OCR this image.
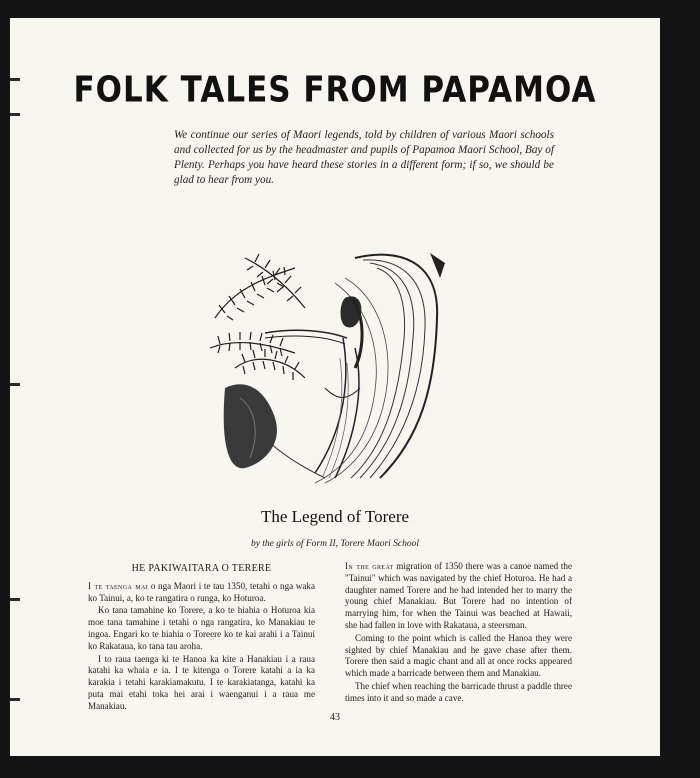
FOLK TALES FROM PAPAMOA
We continue our series of Maori legends, told by children of various Maori schools and collected for us by the headmaster and pupils of Papamoa Maori School, Bay of Plenty. Perhaps you have heard these stories in a different form; if so, we should be glad to hear from you.
The Legend of Torere
by the girls of Form II, Torere Maori School
HE PAKIWAITARA O TERERE

I te taenga mai o nga Maori i te tau 1350, tetahi o nga waka ko Tainui, a, ko te rangatira o runga, ko Hoturoa.

Ko tana tamahine ko Torere, a ko te hiahia o Hoturoa kia moe tana tamahine i tetahi o nga rangatira, ko Manakiau te ingoa. Engari ko te hiahia o Toreere ko te kai arahi i a Tainui ko Rakataua, ko tana tau aroha.

I to raua taenga ki te Hanoa ka kite a Hanakiau i a raua katahi ka whaia e ia. I te kitenga o Torere katahi a ia ka karakia i tetahi karakiamakutu. I te karakiatanga, katahi ka puta mai etahi toka hei arai i waenganui i a raua me Manakiau.

In the great migration of 1350 there was a canoe named the "Tainui" which was navigated by the chief Hoturoa. He had a daughter named Torere and he had intended her to marry the young chief Manakiau. But Torere had no intention of marrying him, for when the Tainui was beached at Hawaii, she had fallen in love with Rakataua, a steersman.

Coming to the point which is called the Hanoa they were sighted by chief Manakiau and he gave chase after them. Torere then said a magic chant and all at once rocks appeared which made a barricade between them and Manakiau.

The chief when reaching the barricade thrust a paddle three times into it and so made a cave.

43
